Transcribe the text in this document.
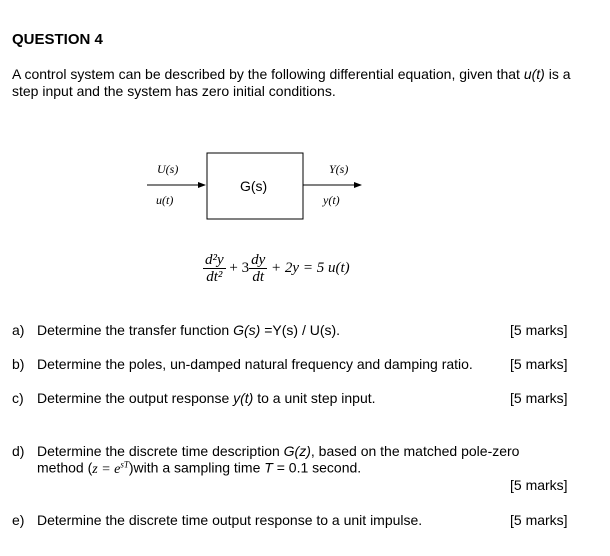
QUESTION 4
A control system can be described by the following differential equation, given that u(t) is a step input and the system has zero initial conditions.
U(s)
u(t)
G(s)
Y(s)
y(t)
$\frac{\text{d²y}}{\text{dt²}} + 3 \frac{dy}{dt} + 2y = 5$ u(t)
a) Determine the transfer function G(s) =Y(s) / U(s).	[5 marks]
b) Determine the poles, un-damped natural frequency and damping ratio.	[5 marks]
c) Determine the output response y(t) to a unit step input.	[5 marks]
d) Determine the discrete time description G(z), based on the matched pole-zero
method $(z = e^{sT})with$ a sampling time T = 0.1 second.
[5 marks]
e) Determine the discrete time output response to a unit impulse.	[5 marks]
